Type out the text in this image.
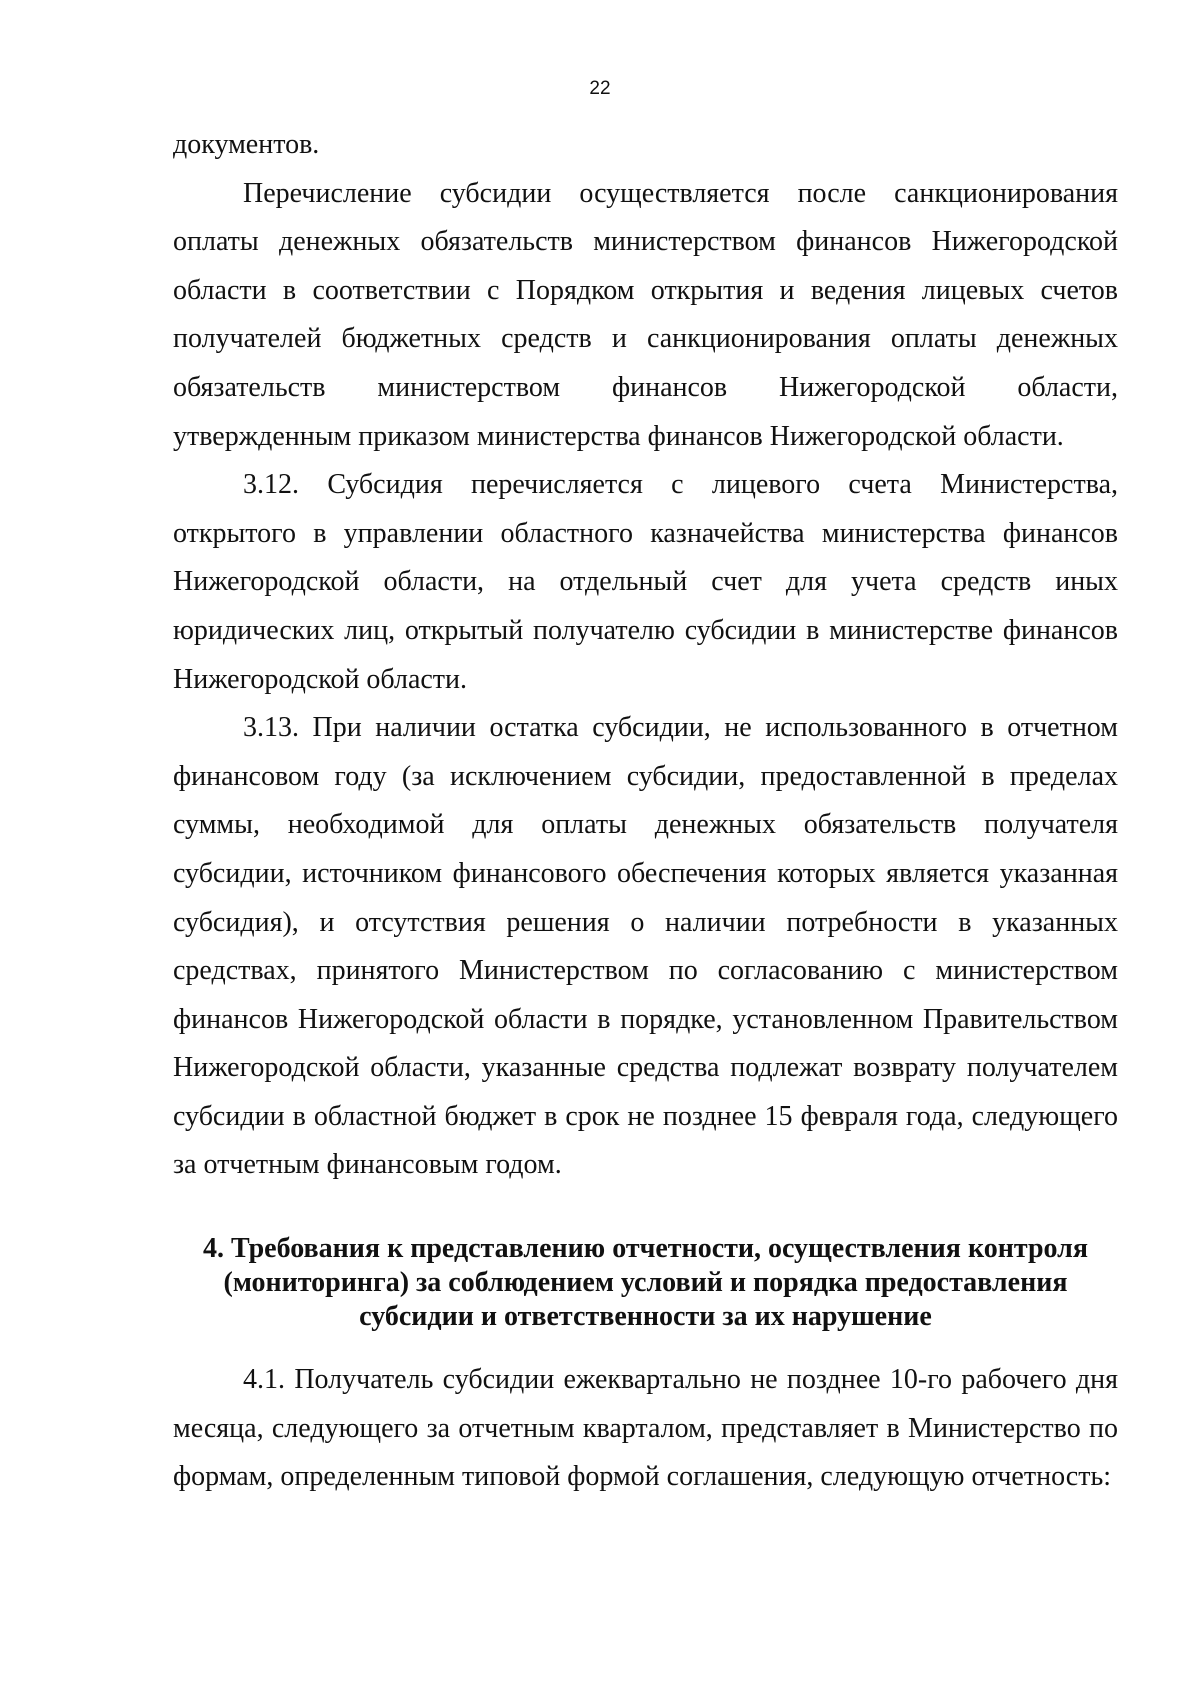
22

документов.

Перечисление субсидии осуществляется после санкционирования оплаты денежных обязательств министерством финансов Нижегородской области в соответствии с Порядком открытия и ведения лицевых счетов получателей бюджетных средств и санкционирования оплаты денежных обязательств министерством финансов Нижегородской области, утвержденным приказом министерства финансов Нижегородской области.

3.12. Субсидия перечисляется с лицевого счета Министерства, открытого в управлении областного казначейства министерства финансов Нижегородской области, на отдельный счет для учета средств иных юридических лиц, открытый получателю субсидии в министерстве финансов Нижегородской области.

3.13. При наличии остатка субсидии, не использованного в отчетном финансовом году (за исключением субсидии, предоставленной в пределах суммы, необходимой для оплаты денежных обязательств получателя субсидии, источником финансового обеспечения которых является указанная субсидия), и отсутствия решения о наличии потребности в указанных средствах, принятого Министерством по согласованию с министерством финансов Нижегородской области в порядке, установленном Правительством Нижегородской области, указанные средства подлежат возврату получателем субсидии в областной бюджет в срок не позднее 15 февраля года, следующего за отчетным финансовым годом.

4. Требования к представлению отчетности, осуществления контроля
(мониторинга) за соблюдением условий и порядка предоставления
субсидии и ответственности за их нарушение

4.1. Получатель субсидии ежеквартально не позднее 10-го рабочего дня месяца, следующего за отчетным кварталом, представляет в Министерство по формам, определенным типовой формой соглашения, следующую отчетность:
